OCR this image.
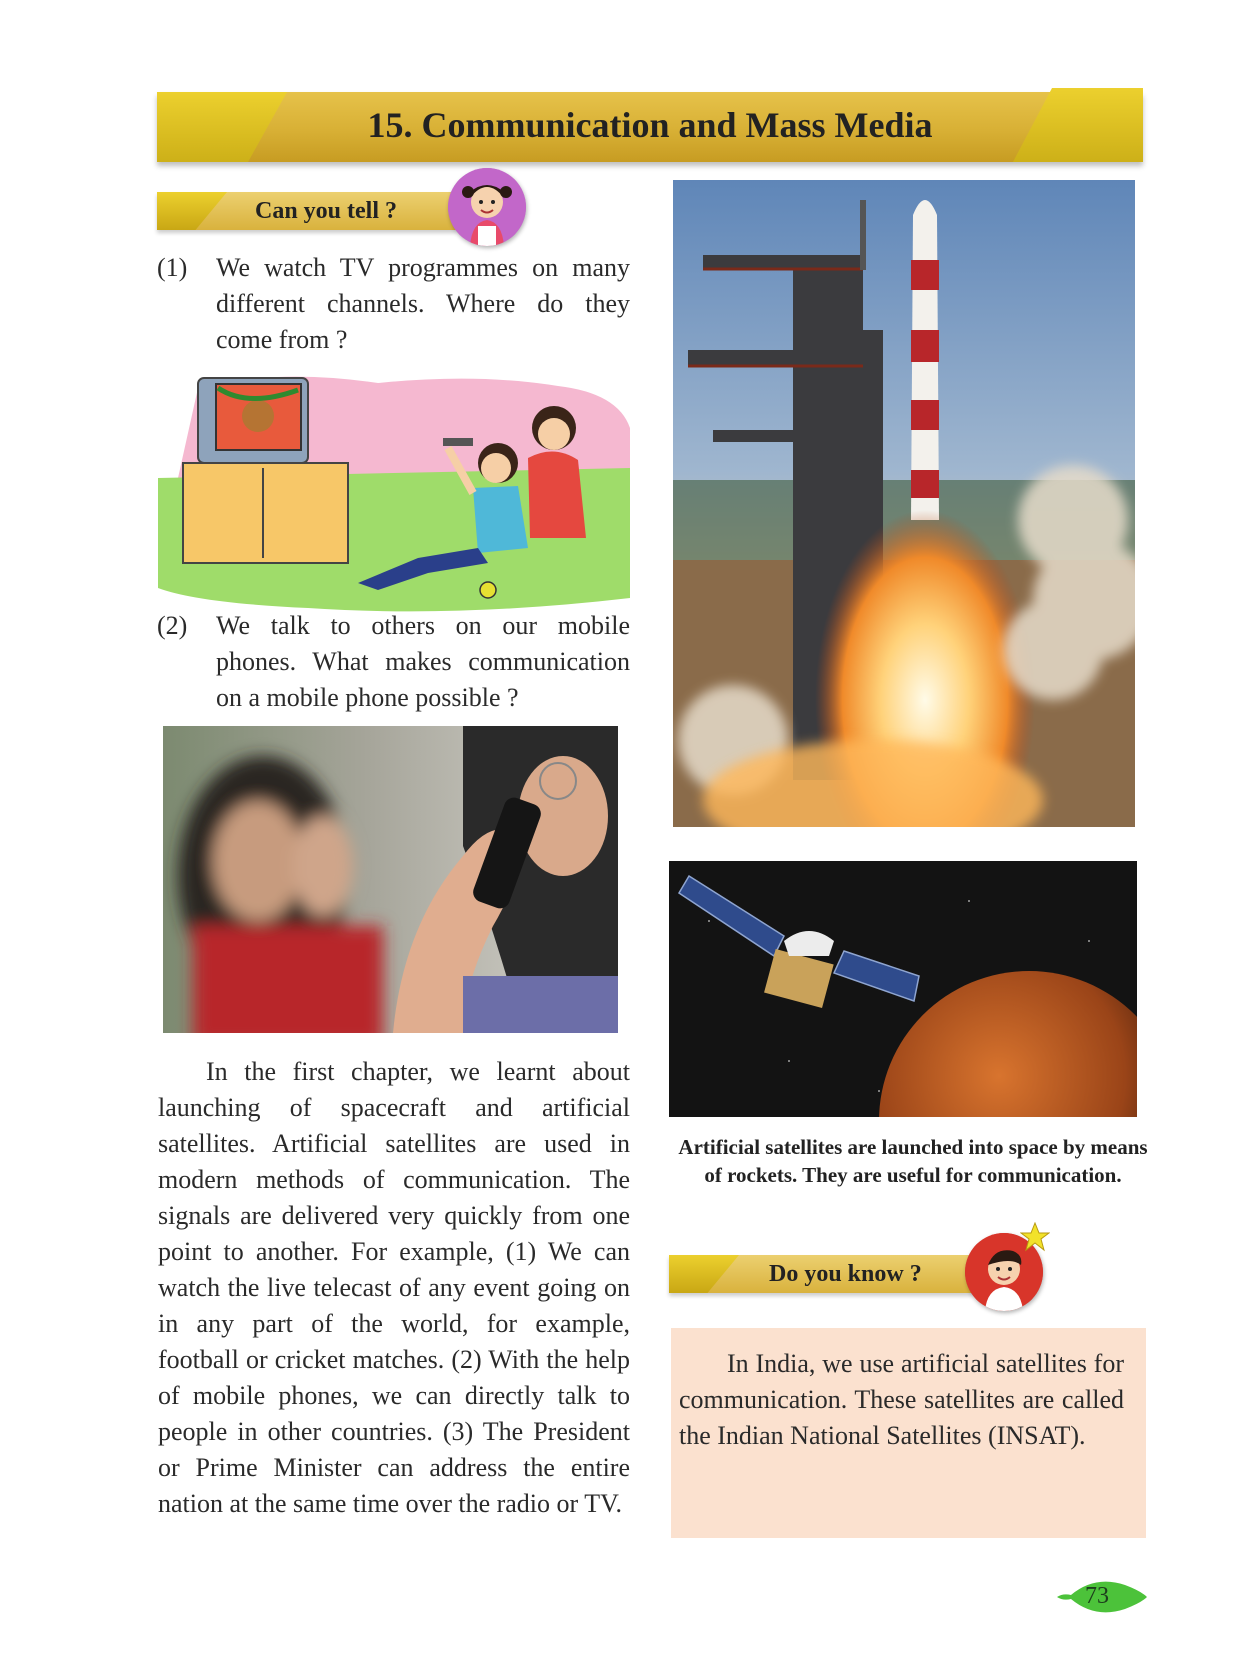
15. Communication and Mass Media
Can you tell ?
(1) We watch TV programmes on many different channels. Where do they come from ?
(2) We talk to others on our mobile phones. What makes communication on a mobile phone possible ?
In the first chapter, we learnt about launching of spacecraft and artificial satellites. Artificial satellites are used in modern methods of communication. The signals are delivered very quickly from one point to another. For example, (1) We can watch the live telecast of any event going on in any part of the world, for example, football or cricket matches. (2) With the help of mobile phones, we can directly talk to people in other countries. (3) The President or Prime Minister can address the entire nation at the same time over the radio or TV.
Artificial satellites are launched into space by means of rockets. They are useful for communication.
Do you know ?
In India, we use artificial satellites for communication. These satellites are called the Indian National Satellites (INSAT).
73
